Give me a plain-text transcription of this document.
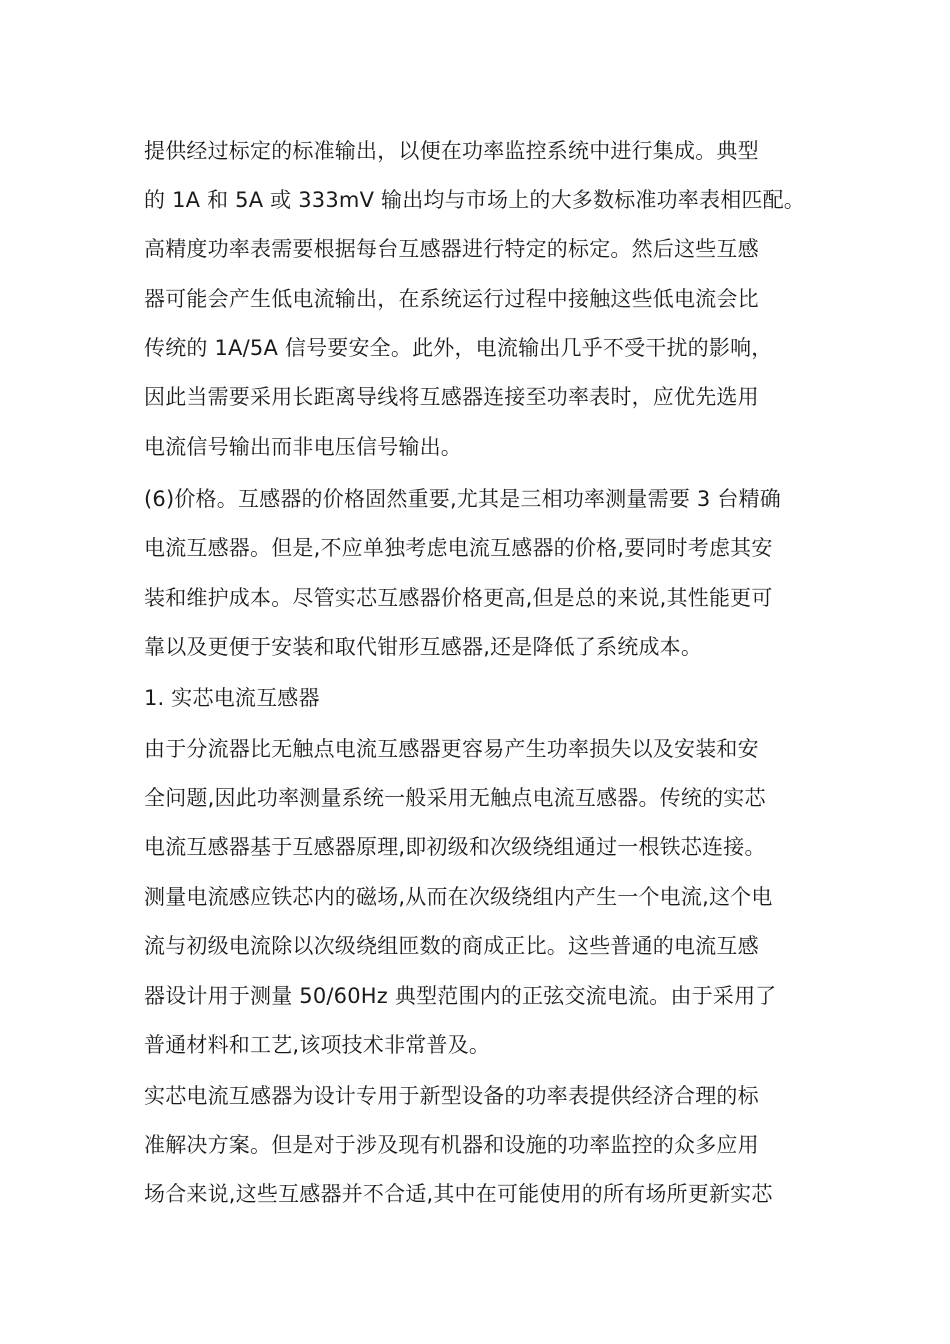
提供经过标定的标准输出，以便在功率监控系统中进行集成。典型
的 1A 和 5A 或 333mV 输出均与市场上的大多数标准功率表相匹配。
高精度功率表需要根据每台互感器进行特定的标定。然后这些互感
器可能会产生低电流输出，在系统运行过程中接触这些低电流会比
传统的 1A/5A 信号要安全。此外，电流输出几乎不受干扰的影响，
因此当需要采用长距离导线将互感器连接至功率表时，应优先选用
电流信号输出而非电压信号输出。
(6)价格。互感器的价格固然重要,尤其是三相功率测量需要 3 台精确
电流互感器。但是,不应单独考虑电流互感器的价格,要同时考虑其安
装和维护成本。尽管实芯互感器价格更高,但是总的来说,其性能更可
靠以及更便于安装和取代钳形互感器,还是降低了系统成本。
1. 实芯电流互感器
由于分流器比无触点电流互感器更容易产生功率损失以及安装和安
全问题,因此功率测量系统一般采用无触点电流互感器。传统的实芯
电流互感器基于互感器原理,即初级和次级绕组通过一根铁芯连接。
测量电流感应铁芯内的磁场,从而在次级绕组内产生一个电流,这个电
流与初级电流除以次级绕组匝数的商成正比。这些普通的电流互感
器设计用于测量 50/60Hz 典型范围内的正弦交流电流。由于采用了
普通材料和工艺,该项技术非常普及。
实芯电流互感器为设计专用于新型设备的功率表提供经济合理的标
准解决方案。但是对于涉及现有机器和设施的功率监控的众多应用
场合来说,这些互感器并不合适,其中在可能使用的所有场所更新实芯
